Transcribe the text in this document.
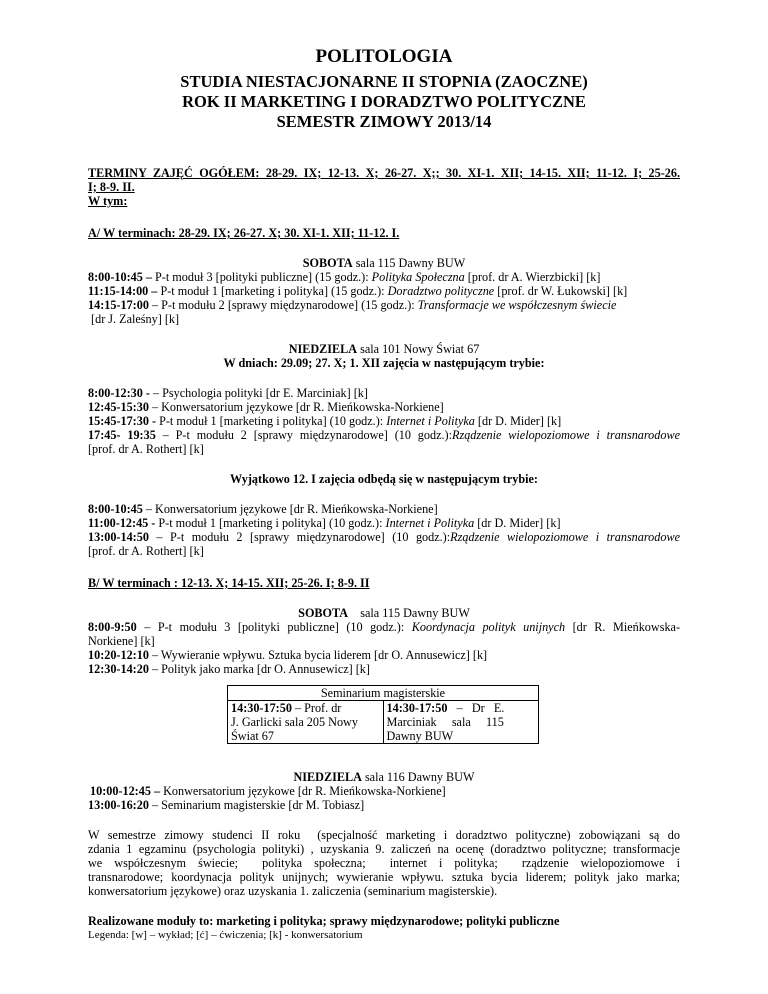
POLITOLOGIA
STUDIA NIESTACJONARNE II STOPNIA (ZAOCZNE)
ROK II MARKETING I DORADZTWO POLITYCZNE
SEMESTR ZIMOWY 2013/14

TERMINY ZAJĘĆ OGÓŁEM: 28-29. IX; 12-13. X; 26-27. X;; 30. XI-1. XII; 14-15. XII; 11-12. I; 25-26.

I; 8-9. II.

W tym:

A/ W terminach: 28-29. IX; 26-27. X; 30. XI-1. XII; 11-12. I.

SOBOTA sala 115 Dawny BUW

8:00-10:45 – P-t moduł 3 [polityki publiczne] (15 godz.): Polityka Społeczna [prof. dr A. Wierzbicki] [k]

11:15-14:00 – P-t moduł 1 [marketing i polityka] (15 godz.): Doradztwo polityczne [prof. dr W. Łukowski] [k]

14:15-17:00 – P-t modułu 2 [sprawy międzynarodowe] (15 godz.): Transformacje we współczesnym świecie

[dr J. Zaleśny] [k]

NIEDZIELA sala 101 Nowy Świat 67

W dniach: 29.09; 27. X; 1. XII zajęcia w następującym trybie:

8:00-12:30 - – Psychologia polityki [dr E. Marciniak] [k]

12:45-15:30 – Konwersatorium językowe [dr R. Mieńkowska-Norkiene]

15:45-17:30 - P-t moduł 1 [marketing i polityka] (10 godz.): Internet i Polityka [dr D. Mider] [k]

17:45- 19:35 – P-t modułu 2 [sprawy międzynarodowe] (10 godz.):Rządzenie wielopoziomowe i transnarodowe

[prof. dr A. Rothert] [k]

Wyjątkowo 12. I zajęcia odbędą się w następującym trybie:

8:00-10:45 – Konwersatorium językowe [dr R. Mieńkowska-Norkiene]

11:00-12:45 - P-t moduł 1 [marketing i polityka] (10 godz.): Internet i Polityka [dr D. Mider] [k]

13:00-14:50 – P-t modułu 2 [sprawy międzynarodowe] (10 godz.):Rządzenie wielopoziomowe i transnarodowe

[prof. dr A. Rothert] [k]

B/ W terminach : 12-13. X; 14-15. XII; 25-26. I; 8-9. II

SOBOTA    sala 115 Dawny BUW

8:00-9:50 – P-t modułu 3 [polityki publiczne] (10 godz.): Koordynacja polityk unijnych [dr R. Mieńkowska-

Norkiene] [k]

10:20-12:10 – Wywieranie wpływu. Sztuka bycia liderem [dr O. Annusewicz] [k]

12:30-14:20 – Polityk jako marka [dr O. Annusewicz] [k]

Seminarium magisterskie

14:30-17:50 – Prof. dr
J. Garlicki sala 205 Nowy
Świat 67

14:30-17:50   –   Dr   E.
Marciniak     sala     115
Dawny BUW

NIEDZIELA sala 116 Dawny BUW

10:00-12:45 – Konwersatorium językowe [dr R. Mieńkowska-Norkiene]

13:00-16:20 – Seminarium magisterskie [dr M. Tobiasz]

W semestrze zimowy studenci II roku  (specjalność marketing i doradztwo polityczne) zobowiązani są do

zdania 1 egzaminu (psychologia polityki) , uzyskania 9. zaliczeń na ocenę (doradztwo polityczne; transformacje

we  współczesnym  świecie;    polityka  społeczna;    internet  i  polityka;    rządzenie  wielopoziomowe  i

transnarodowe; koordynacja polityk unijnych; wywieranie wpływu. sztuka bycia liderem; polityk jako marka;

konwersatorium językowe) oraz uzyskania 1. zaliczenia (seminarium magisterskie).

Realizowane moduły to: marketing i polityka; sprawy międzynarodowe; polityki publiczne

Legenda: [w] – wykład; [ć] – ćwiczenia; [k] - konwersatorium
